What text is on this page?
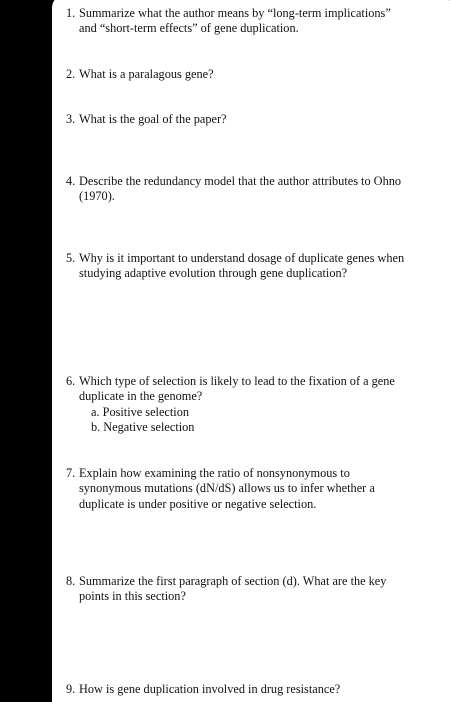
1. Summarize what the author means by “long-term implications” and “short-term effects” of gene duplication.
2. What is a paralagous gene?
3. What is the goal of the paper?
4. Describe the redundancy model that the author attributes to Ohno (1970).
5. Why is it important to understand dosage of duplicate genes when studying adaptive evolution through gene duplication?
6. Which type of selection is likely to lead to the fixation of a gene duplicate in the genome?
a. Positive selection
b. Negative selection
7. Explain how examining the ratio of nonsynonymous to synonymous mutations (dN/dS) allows us to infer whether a duplicate is under positive or negative selection.
8. Summarize the first paragraph of section (d). What are the key points in this section?
9. How is gene duplication involved in drug resistance?
